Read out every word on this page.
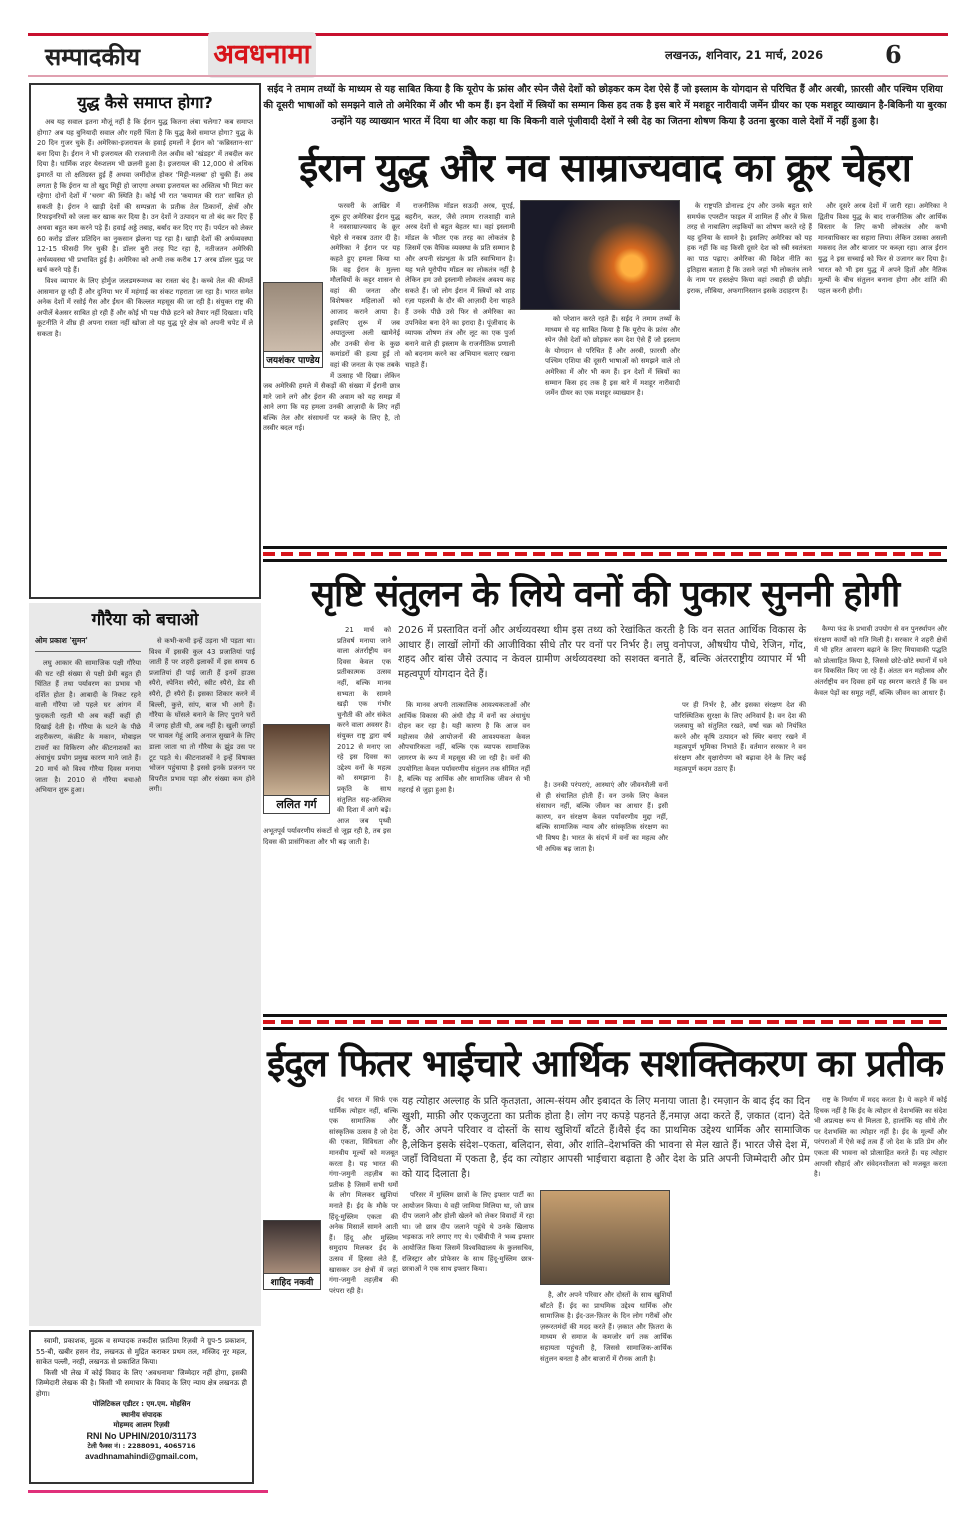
सम्पादकीय	अवधनामा	लखनऊ, शनिवार, 21 मार्च, 2026	6
युद्ध कैसे समाप्त होगा?

अब यह सवाल इतना मौजूं नहीं है कि ईरान युद्ध कितना लंबा चलेगा? कब समाप्त होगा? अब यह बुनियादी सवाल और गहरी चिंता है कि युद्ध कैसे समाप्त होगा? युद्ध के 20 दिन गुजर चुके हैं। अमेरिका-इजरायल के हवाई हमलों ने ईरान को 'कब्रिस्तान-सा' बना दिया है। ईरान ने भी इजरायल की राजधानी तेल अवीव को 'खंडहर' में तबदील कर दिया है। धार्मिक शहर येरुशलम भी छलनी हुआ है। इजरायल की 12,000 से अधिक इमारतें या तो क्षतिग्रस्त हुई हैं अथवा जमींदोज होकर 'मिट्टी-मलबा' हो चुकी हैं। अब लगता है कि ईरान या तो खुद मिट्टी हो जाएगा अथवा इजरायल का अस्तित्व भी मिटा कर रहेगा! दोनों देशों में 'चरम' की स्थिति है। कोई भी रात 'कयामत की रात' साबित हो सकती है। ईरान ने खाड़ी देशों की सम्पन्नता के प्रतीक तेल ठिकानों, क्षेत्रों और रिफाइनरियों को जला कर खाक कर दिया है। उन देशों ने उत्पादन या तो बंद कर दिए हैं अथवा बहुत कम करने पड़े हैं। हवाई अड्डे तबाह, बर्बाद कर दिए गए हैं। पर्यटन को लेकर 60 करोड़ डॉलर प्रतिदिन का नुकसान झेलना पड़ रहा है। खाड़ी देशों की अर्थव्यवस्था 12-15 फीसदी गिर चुकी है। डॉलर बुरी तरह पिट रहा है, नतीजतन अमेरिकी अर्थव्यवस्था भी प्रभावित हुई है। अमेरिका को अभी तक करीब 17 अरब डॉलर युद्ध पर खर्च करने पड़े हैं।

विश्व व्यापार के लिए होर्मुज जलडमरूमध्य का रास्ता बंद है। कच्चे तेल की कीमतें आसमान छू रही हैं और दुनिया भर में महंगाई का संकट गहराता जा रहा है। भारत समेत अनेक देशों में रसोई गैस और ईंधन की किल्लत महसूस की जा रही है। संयुक्त राष्ट्र की अपीलें बेअसर साबित हो रही हैं और कोई भी पक्ष पीछे हटने को तैयार नहीं दिखता। यदि कूटनीति ने शीघ्र ही अपना रास्ता नहीं खोजा तो यह युद्ध पूरे क्षेत्र को अपनी चपेट में ले सकता है।

गौरैया को बचाओ
ओम प्रकाश 'सुमन'

लघु आकार की सामाजिक पक्षी गौरैया की घट रही संख्या से पक्षी प्रेमी बहुत ही चिंतित हैं तथा पर्यावरण का प्रभाव भी दर्शित होता है। आबादी के निकट रहने वाली गौरैया जो पहले घर आंगन में फुदकती रहती थी अब कहीं कहीं ही दिखाई देती है। गौरैया के घटने के पीछे शहरीकरण, कंक्रीट के मकान, मोबाइल टावरों का विकिरण और कीटनाशकों का अंधाधुंध प्रयोग प्रमुख कारण माने जाते हैं। 20 मार्च को विश्व गौरैया दिवस मनाया जाता है। 2010 से गौरैया बचाओ अभियान शुरू हुआ।

से कभी-कभी इन्हें उड़ना भी पड़ता था। विश्व में इसकी कुल 43 प्रजातियां पाई जाती हैं पर शहरी इलाकों में इस समय 6 प्रजातियां ही पाई जाती हैं इनमें हाउस स्पैरो, स्पेनिश स्पैरो, स्वीट स्पैरो, डेड सी स्पैरो, ट्री स्पैरो हैं। इसका शिकार करने में बिल्ली, कुत्ते, सांप, बाज भी आगे हैं। गौरैया के घोंसले बनाने के लिए पुराने घरों में जगह होती थी, अब नहीं है। खुली जगहों पर चावल गेहूं आदि अनाज सुखाने के लिए डाला जाता था तो गौरैया के झुंड उस पर टूट पड़ते थे। कीटनाशकों ने इन्हें विषाक्त भोजन पहुंचाया है इससे इनके प्रजनन पर विपरीत प्रभाव पड़ा और संख्या कम होने लगी।

स्वामी, प्रकाशक, मुद्रक व सम्पादक तकदीस फ़ातिमा रिज़वी ने ग्रुप-5 प्रकाशन, 55-बी, खबीर हसन रोड, लखनऊ से मुद्रित कराकर प्रथम तल, मस्जिद नूर महल, साकेत पल्ली, नरही, लखनऊ से प्रकाशित किया।

किसी भी लेख में कोई विवाद के लिए 'अवधनामा' जिम्मेदार नहीं होगा, इसकी जिम्मेदारी लेखक की है। किसी भी समाचार के विवाद के लिए न्याय क्षेत्र लखनऊ ही होगा।

पोलिटिकल एडीटर : एम.एम. मोहसिन
स्थानीय संपादक
मोहम्मद आलम रिज़वी
RNI No UPHIN/2010/31173
टेली फैक्स नं। : 2288091, 4065716
avadhnamahindi@gmail.com,
सईद ने तमाम तथ्यों के माध्यम से यह साबित किया है कि यूरोप के फ्रांस और स्पेन जैसे देशों को छोड़कर कम देश ऐसे हैं जो इस्लाम के योगदान से परिचित हैं और अरबी, फ़ारसी और पश्चिम एशिया की दूसरी भाषाओं को समझने वाले तो अमेरिका में और भी कम हैं। इन देशों में स्त्रियों का सम्मान किस हद तक है इस बारे में मशहूर नारीवादी जर्मेन ग्रीयर का एक मशहूर व्याख्यान है-बिकिनी या बुरका उन्होंने यह व्याख्यान भारत में दिया था और कहा था कि बिकनी वाले पूंजीवादी देशों ने स्त्री देह का जितना शोषण किया है उतना बुरका वाले देशों में नहीं हुआ है।
ईरान युद्ध और नव साम्राज्यवाद का क्रूर चेहरा

फरवरी के आखिर में शुरू हुए अमेरिका ईरान युद्ध ने नवसाम्राज्यवाद के क्रूर चेहरे से नकाब उतार दी है। अमेरिका ने ईरान पर यह कहते हुए हमला किया था कि वह ईरान के मुल्ला मौलवियों के कट्टर शासन से वहां की जनता और विशेषकर महिलाओं को आजाद कराने आया है। इसलिए शुरू में जब अयातुल्ला अली खामेनेई और उनकी सेना के कुछ कमांडरों की हत्या हुई तो वहां की जनता के एक तबके में उत्साह भी दिखा। लेकिन जब अमेरिकी हमले में सैकड़ों की संख्या में ईरानी छात्र मारे जाने लगे और ईरान की अवाम को यह समझ में आने लगा कि यह हमला उनकी आज़ादी के लिए नहीं बल्कि तेल और संसाधनों पर कब्ज़े के लिए है, तो तस्वीर बदल गई।

जयशंकर पाण्डेय

राजनीतिक मॉडल सऊदी अरब, यूएई, बहरीन, कतर, जैसे तमाम राजशाही वाले अरब देशों से बहुत बेहतर था। वहां इस्लामी मॉडल के भीतर एक तरह का लोकतंत्र है जिसमें एक वैधिक व्यवस्था के प्रति सम्मान है और अपनी संप्रभुता के प्रति स्वाभिमान है। यह भले यूरोपीय मॉडल का लोकतंत्र नहीं है लेकिन हम उसे इस्लामी लोकतंत्र अवश्य कह सकते हैं। जो लोग ईरान में स्त्रियों को शाह रज़ा पहलवी के दौर की आज़ादी देना चाहते हैं उनके पीछे उसे फिर से अमेरिका का उपनिवेश बना देने का इरादा है। पूंजीवाद के व्यापक शोषण तंत्र और लूट का एक पुर्जा बनाने वाले ही इस्लाम के राजनीतिक प्रणाली को बदनाम करने का अभियान चलाए रखना चाहते हैं।

को परेशान करते रहते हैं। सईद ने तमाम तथ्यों के माध्यम से यह साबित किया है कि यूरोप के फ्रांस और स्पेन जैसे देशों को छोड़कर कम देश ऐसे हैं जो इस्लाम के योगदान से परिचित हैं और अरबी, फ़ारसी और पश्चिम एशिया की दूसरी भाषाओं को समझने वाले तो अमेरिका में और भी कम हैं। इन देशों में स्त्रियों का सम्मान किस हद तक है इस बारे में मशहूर नारीवादी जर्मेन ग्रीयर का एक मशहूर व्याख्यान है।

के राष्ट्रपति डोनाल्ड ट्रंप और उनके बहुत सारे समर्थक एपस्टीन फाइल में शामिल हैं और वे किस तरह से नाबालिग लड़कियों का शोषण करते रहे हैं यह दुनिया के सामने है। इसलिए अमेरिका को यह हक नहीं कि वह किसी दूसरे देश को स्त्री स्वतंत्रता का पाठ पढ़ाए। अमेरिका की विदेश नीति का इतिहास बताता है कि उसने जहां भी लोकतंत्र लाने के नाम पर हस्तक्षेप किया वहां तबाही ही छोड़ी। इराक, लीबिया, अफगानिस्तान इसके उदाहरण हैं।

और दूसरे अरब देशों में जारी रहा। अमेरिका ने द्वितीय विश्व युद्ध के बाद राजनीतिक और आर्थिक विस्तार के लिए कभी लोकतंत्र और कभी मानवाधिकार का सहारा लिया। लेकिन उसका असली मकसद तेल और बाजार पर कब्ज़ा रहा। आज ईरान युद्ध ने इस सच्चाई को फिर से उजागर कर दिया है। भारत को भी इस युद्ध में अपने हितों और नैतिक मूल्यों के बीच संतुलन बनाना होगा और शांति की पहल करनी होगी।

सृष्टि संतुलन के लिये वनों की पुकार सुननी होगी

21 मार्च को प्रतिवर्ष मनाया जाने वाला अंतर्राष्ट्रीय वन दिवस केवल एक प्रतीकात्मक उत्सव नहीं, बल्कि मानव सभ्यता के सामने खड़ी एक गंभीर चुनौती की ओर संकेत करने वाला अवसर है। संयुक्त राष्ट्र द्वारा वर्ष 2012 से मनाए जा रहे इस दिवस का उद्देश्य वनों के महत्व को समझाना है। प्रकृति के साथ संतुलित सह-अस्तित्व की दिशा में आगे बढ़ें। आज जब पृथ्वी अभूतपूर्व पर्यावरणीय संकटों से जूझ रही है, तब इस दिवस की प्रासंगिकता और भी बढ़ जाती है।

ललित गर्ग
2026 में प्रस्तावित वनों और अर्थव्यवस्था थीम इस तथ्य को रेखांकित करती है कि वन सतत आर्थिक विकास के आधार हैं। लाखों लोगों की आजीविका सीधे तौर पर वनों पर निर्भर है। लघु वनोपज, औषधीय पौधे, रेजिन, गोंद, शहद और बांस जैसे उत्पाद न केवल ग्रामीण अर्थव्यवस्था को सशक्त बनाते हैं, बल्कि अंतरराष्ट्रीय व्यापार में भी महत्वपूर्ण योगदान देते हैं।

कि मानव अपनी तात्कालिक आवश्यकताओं और आर्थिक विकास की अंधी दौड़ में वनों का अंधाधुंध दोहन कर रहा है। यही कारण है कि आज वन महोत्सव जैसे आयोजनों की आवश्यकता केवल औपचारिकता नहीं, बल्कि एक व्यापक सामाजिक जागरण के रूप में महसूस की जा रही है। वनों की उपयोगिता केवल पर्यावरणीय संतुलन तक सीमित नहीं है, बल्कि यह आर्थिक और सामाजिक जीवन से भी गहराई से जुड़ा हुआ है।

है। उनकी परंपराएं, आस्थाएं और जीवनशैली वनों से ही संचालित होती हैं। वन उनके लिए केवल संसाधन नहीं, बल्कि जीवन का आधार हैं। इसी कारण, वन संरक्षण केवल पर्यावरणीय मुद्दा नहीं, बल्कि सामाजिक न्याय और सांस्कृतिक संरक्षण का भी विषय है। भारत के संदर्भ में वनों का महत्व और भी अधिक बढ़ जाता है।

पर ही निर्भर है, और इसका संरक्षण देश की पारिस्थितिक सुरक्षा के लिए अनिवार्य है। वन देश की जलवायु को संतुलित रखते, वर्षा चक्र को नियंत्रित करने और कृषि उत्पादन को स्थिर बनाए रखने में महत्वपूर्ण भूमिका निभाते हैं। वर्तमान सरकार ने वन संरक्षण और वृक्षारोपण को बढ़ावा देने के लिए कई महत्वपूर्ण कदम उठाए हैं।

कैम्पा फंड के प्रभावी उपयोग से वन पुनर्स्थापन और संरक्षण कार्यों को गति मिली है। सरकार ने शहरी क्षेत्रों में भी हरित आवरण बढ़ाने के लिए मियावाकी पद्धति को प्रोत्साहित किया है, जिससे छोटे-छोटे स्थानों में घने वन विकसित किए जा रहे हैं। अंततः वन महोत्सव और अंतर्राष्ट्रीय वन दिवस हमें यह स्मरण कराते हैं कि वन केवल पेड़ों का समूह नहीं, बल्कि जीवन का आधार हैं।

ईदुल फितर भाईचारे आर्थिक सशक्तिकरण का प्रतीक

ईद भारत में सिर्फ एक धार्मिक त्योहार नहीं, बल्कि एक सामाजिक और सांस्कृतिक उत्सव है जो देश की एकता, विविधता और मानवीय मूल्यों को मजबूत करता है। यह भारत की गंगा-जमुनी तहज़ीब का प्रतीक है जिसमें सभी धर्मों के लोग मिलकर खुशियां मनाते हैं। ईद के मौके पर हिंदू-मुस्लिम एकता की अनेक मिसालें सामने आती हैं। हिंदू और मुस्लिम समुदाय मिलकर ईद के उत्सव में हिस्सा लेते हैं, खासकर उन क्षेत्रों में जहां गंगा-जमुनी तहज़ीब की परंपरा रही है।

शाहिद नकवी
यह त्योहार अल्लाह के प्रति कृतज्ञता, आत्म-संयम और इबादत के लिए मनाया जाता है। रमज़ान के बाद ईद का दिन खुशी, माफ़ी और एकजुटता का प्रतीक होता है। लोग नए कपड़े पहनते हैं,नमाज़ अदा करते हैं, ज़कात (दान) देते हैं, और अपने परिवार व दोस्तों के साथ खुशियाँ बाँटते हैं।वैसे ईद का प्राथमिक उद्देश्य धार्मिक और सामाजिक है,लेकिन इसके संदेश–एकता, बलिदान, सेवा, और शांति–देशभक्ति की भावना से मेल खाते हैं। भारत जैसे देश में, जहाँ विविधता में एकता है, ईद का त्योहार आपसी भाईचारा बढ़ाता है और देश के प्रति अपनी जिम्मेदारी और प्रेम को याद दिलाता है।

परिसर में मुस्लिम छात्रों के लिए इफ्तार पार्टी का आयोजन किया। ये वही जामिया मिलिया था, जो छात्र दीप जलाने और होली खेलने को लेकर विवादों में रहा था। जो छात्र दीप जलाने पहुंचे थे उनके खिलाफ भड़काऊ नारे लगाए गए थे। एबीवीपी ने भव्य इफ्तार आयोजित किया जिसमें विश्वविद्यालय के कुलसचिव, रजिस्ट्रार और प्रोफेसर के साथ हिंदू-मुस्लिम छात्र-छात्राओं ने एक साथ इफ्तार किया।

है, और अपने परिवार और दोस्तों के साथ खुशियाँ बाँटते हैं। ईद का प्राथमिक उद्देश्य धार्मिक और सामाजिक है। ईद-उल-फ़ितर के दिन लोग गरीबों और ज़रूरतमंदों की मदद करते हैं। ज़कात और फ़ितरा के माध्यम से समाज के कमजोर वर्ग तक आर्थिक सहायता पहुंचती है, जिससे सामाजिक-आर्थिक संतुलन बनता है और बाजारों में रौनक आती है।

राष्ट्र के निर्माण में मदद करता है। ये कहने में कोई हिचक नहीं है कि ईद के त्योहार से देशभक्ति का संदेश भी अप्रत्यक्ष रूप से मिलता है, हालांकि यह सीधे तौर पर देशभक्ति का त्योहार नहीं है। ईद के मूल्यों और परंपराओं में ऐसे कई तत्व हैं जो देश के प्रति प्रेम और एकता की भावना को प्रोत्साहित करते हैं। यह त्योहार आपसी सौहार्द और संवेदनशीलता को मजबूत करता है।
